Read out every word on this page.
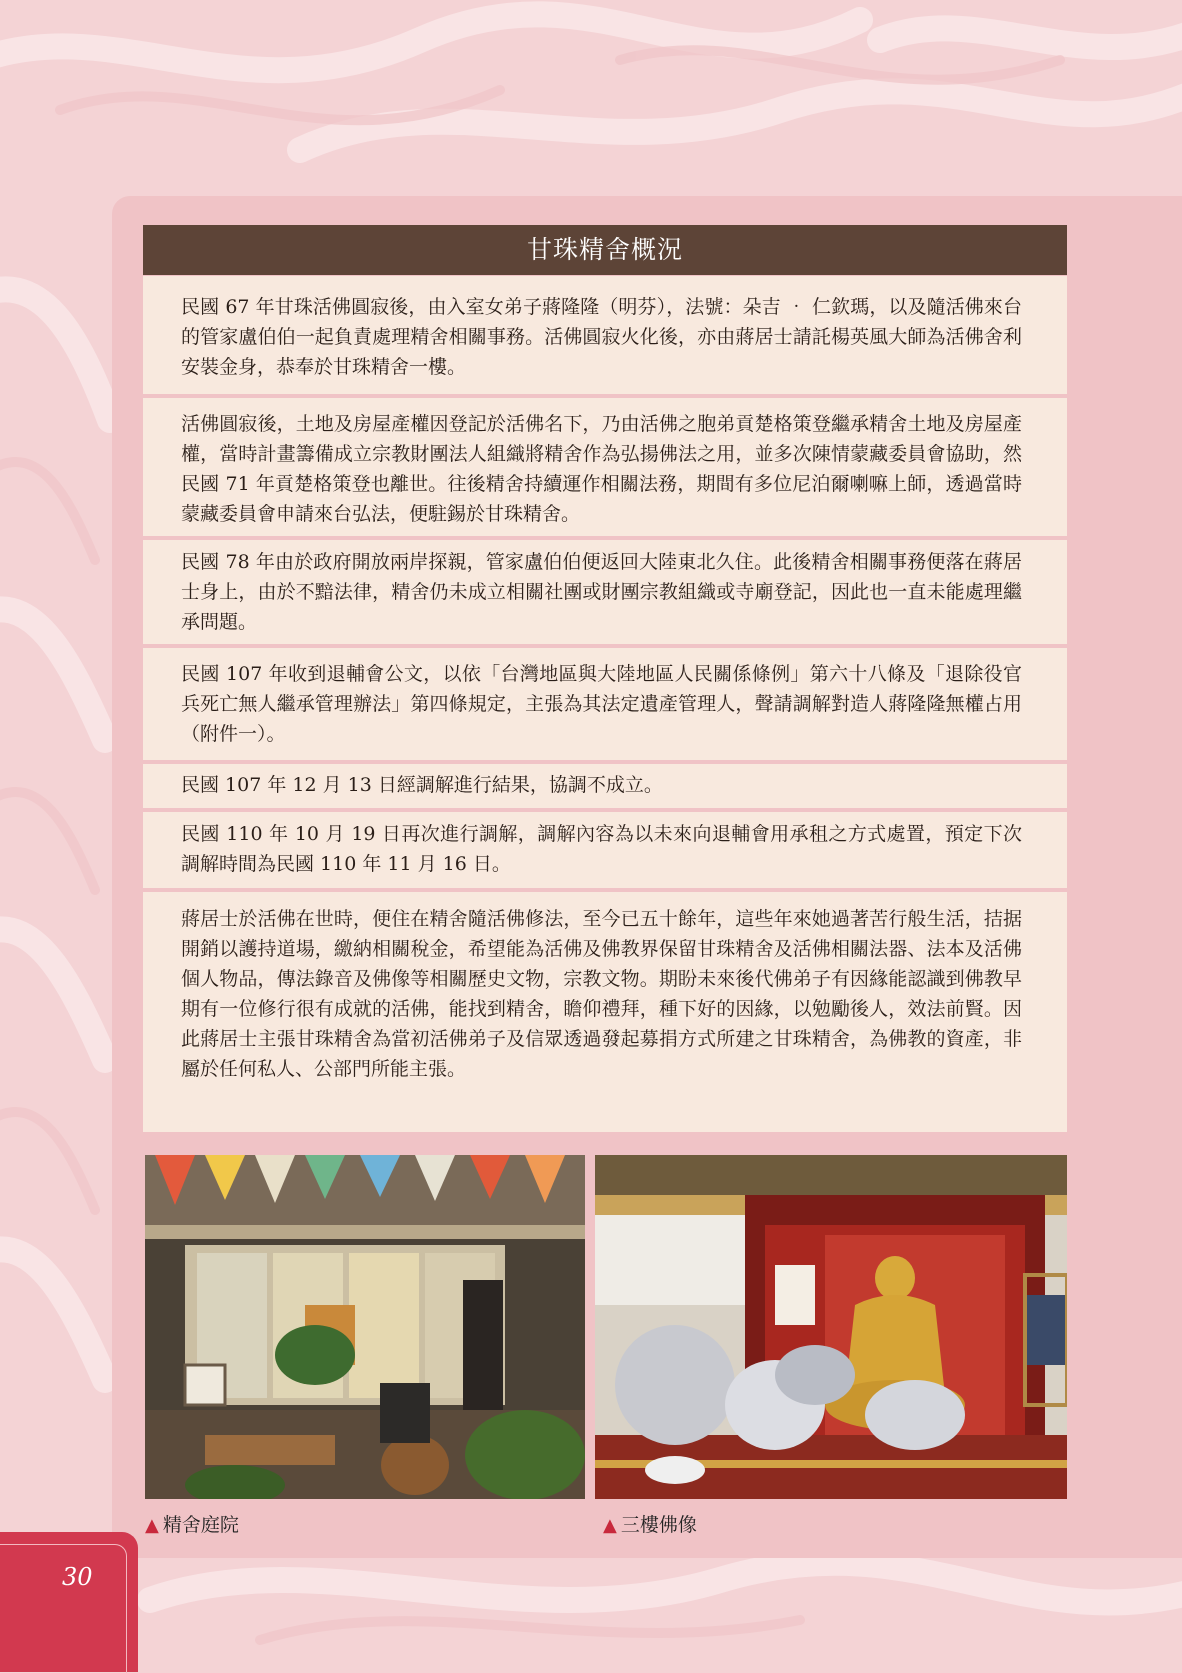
甘珠精舍概況

民國 67 年甘珠活佛圓寂後，由入室女弟子蔣隆隆（明芬），法號：朵吉 ‧ 仁欽瑪，以及隨活佛來台的管家盧伯伯一起負責處理精舍相關事務。活佛圓寂火化後，亦由蔣居士請託楊英風大師為活佛舍利安裝金身，恭奉於甘珠精舍一樓。

活佛圓寂後，土地及房屋產權因登記於活佛名下，乃由活佛之胞弟貢楚格策登繼承精舍土地及房屋產權，當時計畫籌備成立宗教財團法人組織將精舍作為弘揚佛法之用，並多次陳情蒙藏委員會協助，然民國 71 年貢楚格策登也離世。往後精舍持續運作相關法務，期間有多位尼泊爾喇嘛上師，透過當時蒙藏委員會申請來台弘法，便駐錫於甘珠精舍。

民國 78 年由於政府開放兩岸探親，管家盧伯伯便返回大陸東北久住。此後精舍相關事務便落在蔣居士身上，由於不黯法律，精舍仍未成立相關社團或財團宗教組織或寺廟登記，因此也一直未能處理繼承問題。

民國 107 年收到退輔會公文，以依「台灣地區與大陸地區人民關係條例」第六十八條及「退除役官兵死亡無人繼承管理辦法」第四條規定，主張為其法定遺產管理人，聲請調解對造人蔣隆隆無權占用（附件一）。

民國 107 年 12 月 13 日經調解進行結果，協調不成立。

民國 110 年 10 月 19 日再次進行調解，調解內容為以未來向退輔會用承租之方式處置，預定下次調解時間為民國 110 年 11 月 16 日。

蔣居士於活佛在世時，便住在精舍隨活佛修法，至今已五十餘年，這些年來她過著苦行般生活，拮据開銷以護持道場，繳納相關稅金，希望能為活佛及佛教界保留甘珠精舍及活佛相關法器、法本及活佛個人物品，傳法錄音及佛像等相關歷史文物，宗教文物。期盼未來後代佛弟子有因緣能認識到佛教早期有一位修行很有成就的活佛，能找到精舍，瞻仰禮拜，種下好的因緣，以勉勵後人，效法前賢。因此蔣居士主張甘珠精舍為當初活佛弟子及信眾透過發起募捐方式所建之甘珠精舍，為佛教的資產，非屬於任何私人、公部門所能主張。

▲ 精舍庭院	▲ 三樓佛像
30
